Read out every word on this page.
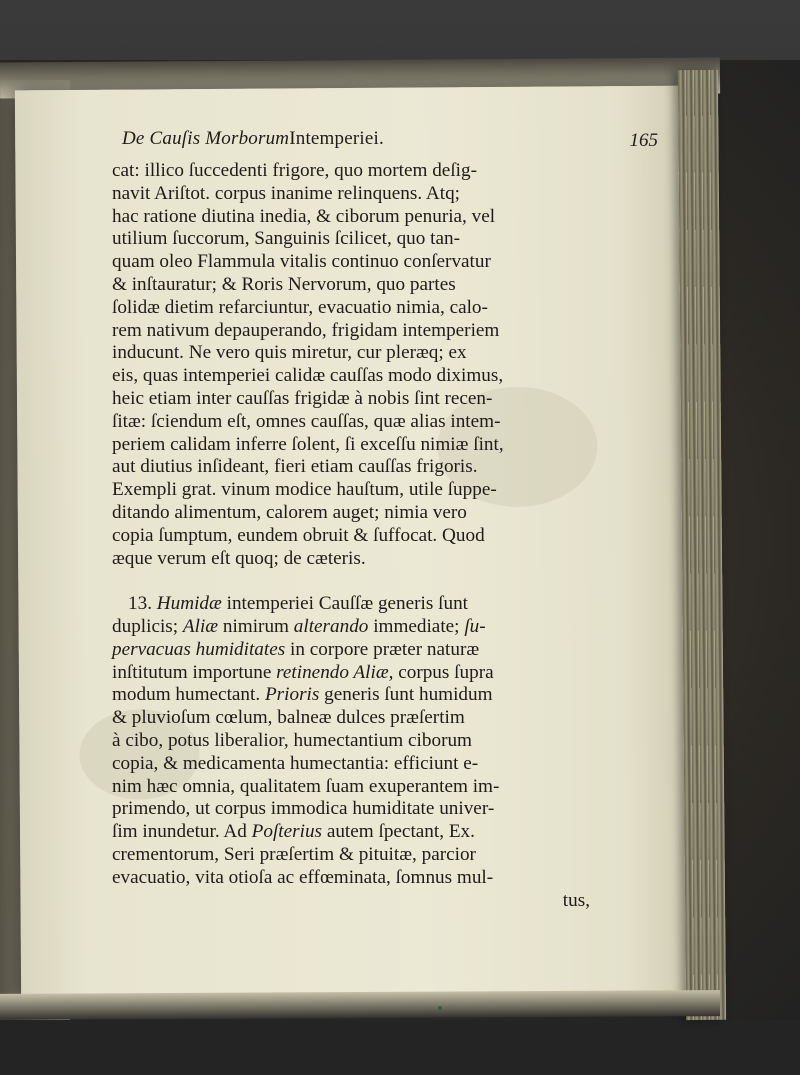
De Cauſis MorborumIntemperiei.	165
cat: illico ſuccedenti frigore, quo mortem deſig-
navit Ariſtot. corpus inanime relinquens. Atq;
hac ratione diutina inedia, & ciborum penuria, vel
utilium ſuccorum, Sanguinis ſcilicet, quo tan-
quam oleo Flammula vitalis continuo conſervatur
& inſtauratur; & Roris Nervorum, quo partes
ſolidæ dietim refarciuntur, evacuatio nimia, calo-
rem nativum depauperando, frigidam intemperiem
inducunt. Ne vero quis miretur, cur pleræq; ex
eis, quas intemperiei calidæ cauſſas modo diximus,
heic etiam inter cauſſas frigidæ à nobis ſint recen-
ſitæ: ſciendum eſt, omnes cauſſas, quæ alias intem-
periem calidam inferre ſolent, ſi exceſſu nimiæ ſint,
aut diutius inſideant, fieri etiam cauſſas frigoris.
Exempli grat. vinum modice hauſtum, utile ſuppe-
ditando alimentum, calorem auget; nimia vero
copia ſumptum, eundem obruit & ſuffocat. Quod
æque verum eſt quoq; de cæteris.
13. Humidæ intemperiei Cauſſæ generis ſunt
duplicis; Aliæ nimirum alterando immediate; ſu-
pervacuas humiditates in corpore præter naturæ
inſtitutum importune retinendo Aliæ, corpus ſupra
modum humectant. Prioris generis ſunt humidum
& pluvioſum cœlum, balneæ dulces præſertim
à cibo, potus liberalior, humectantium ciborum
copia, & medicamenta humectantia: efficiunt e-
nim hæc omnia, qualitatem ſuam exuperantem im-
primendo, ut corpus immodica humiditate univer-
ſim inundetur. Ad Poſterius autem ſpectant, Ex.
crementorum, Seri præſertim & pituitæ, parcior
evacuatio, vita otioſa ac effœminata, ſomnus mul-
tus,
